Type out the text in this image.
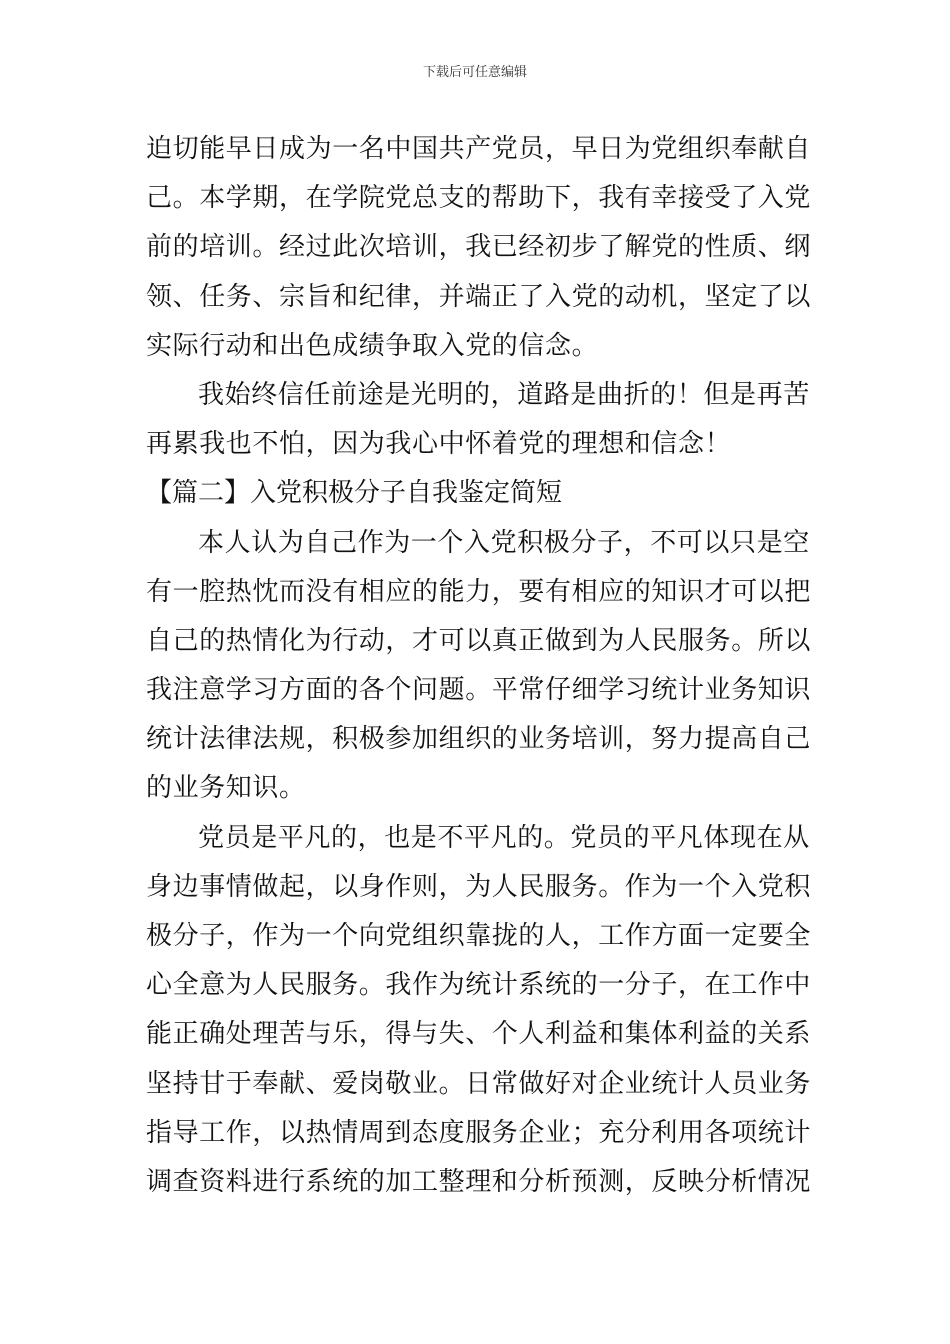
下载后可任意编辑
迫切能早日成为一名中国共产党员，早日为党组织奉献自
己。本学期，在学院党总支的帮助下，我有幸接受了入党
前的培训。经过此次培训，我已经初步了解党的性质、纲
领、任务、宗旨和纪律，并端正了入党的动机，坚定了以
实际行动和出色成绩争取入党的信念。
我始终信任前途是光明的，道路是曲折的！但是再苦
再累我也不怕，因为我心中怀着党的理想和信念！
【篇二】入党积极分子自我鉴定简短
本人认为自己作为一个入党积极分子，不可以只是空
有一腔热忱而没有相应的能力，要有相应的知识才可以把
自己的热情化为行动，才可以真正做到为人民服务。所以
我注意学习方面的各个问题。平常仔细学习统计业务知识
统计法律法规，积极参加组织的业务培训，努力提高自己
的业务知识。
党员是平凡的，也是不平凡的。党员的平凡体现在从
身边事情做起，以身作则，为人民服务。作为一个入党积
极分子，作为一个向党组织靠拢的人，工作方面一定要全
心全意为人民服务。我作为统计系统的一分子，在工作中
能正确处理苦与乐，得与失、个人利益和集体利益的关系
坚持甘于奉献、爱岗敬业。日常做好对企业统计人员业务
指导工作，以热情周到态度服务企业；充分利用各项统计
调查资料进行系统的加工整理和分析预测，反映分析情况
